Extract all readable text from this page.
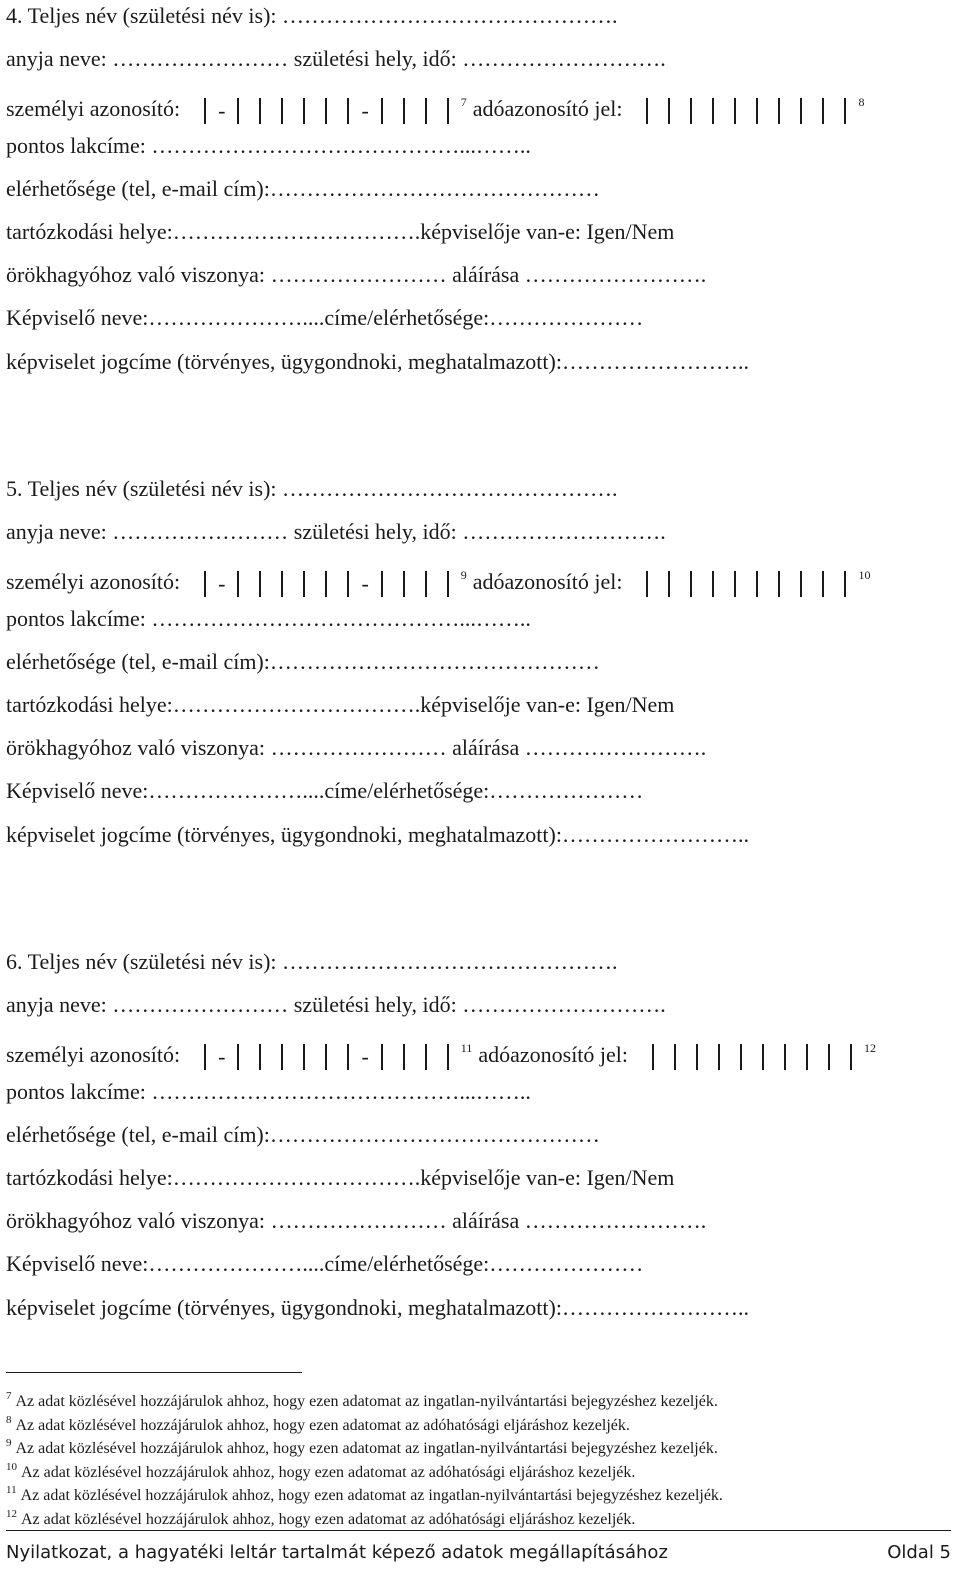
4. Teljes név (születési név is): ……………………………………….
anyja neve: …………………… születési hely, idő: ……………………….
személyi azonosító: -	-	$^7$ adóazonosító jel:	$^8$
pontos lakcíme: ……………………………………...……..
elérhetősége (tel, e-mail cím):………………………………………
tartózkodási helye:…………………………….képviselője van-e: Igen/Nem
örökhagyóhoz való viszonya: …………………… aláírása …………………….
Képviselő neve:…………………....címe/elérhetősége:…………………
képviselet jogcíme (törvényes, ügygondnoki, meghatalmazott):……………………..
5. Teljes név (születési név is): ……………………………………….
anyja neve: …………………… születési hely, idő: ……………………….
személyi azonosító: -	-	$^9$ adóazonosító jel:	$^{10}$
pontos lakcíme: ……………………………………...……..
elérhetősége (tel, e-mail cím):………………………………………
tartózkodási helye:…………………………….képviselője van-e: Igen/Nem
örökhagyóhoz való viszonya: …………………… aláírása …………………….
Képviselő neve:…………………....címe/elérhetősége:…………………
képviselet jogcíme (törvényes, ügygondnoki, meghatalmazott):……………………..
6. Teljes név (születési név is): ……………………………………….
anyja neve: …………………… születési hely, idő: ……………………….
személyi azonosító: -	-	$^{11}$ adóazonosító jel:	$^{12}$
pontos lakcíme: ……………………………………...……..
elérhetősége (tel, e-mail cím):………………………………………
tartózkodási helye:…………………………….képviselője van-e: Igen/Nem
örökhagyóhoz való viszonya: …………………… aláírása …………………….
Képviselő neve:…………………....címe/elérhetősége:…………………
képviselet jogcíme (törvényes, ügygondnoki, meghatalmazott):……………………..
$^7$ Az adat közlésével hozzájárulok ahhoz, hogy ezen adatomat az ingatlan-nyilvántartási bejegyzéshez kezeljék.
$^8$ Az adat közlésével hozzájárulok ahhoz, hogy ezen adatomat az adóhatósági eljáráshoz kezeljék.
$^9$ Az adat közlésével hozzájárulok ahhoz, hogy ezen adatomat az ingatlan-nyilvántartási bejegyzéshez kezeljék.
$^{10}$ Az adat közlésével hozzájárulok ahhoz, hogy ezen adatomat az adóhatósági eljáráshoz kezeljék.
$^{11}$ Az adat közlésével hozzájárulok ahhoz, hogy ezen adatomat az ingatlan-nyilvántartási bejegyzéshez kezeljék.
$^{12}$ Az adat közlésével hozzájárulok ahhoz, hogy ezen adatomat az adóhatósági eljáráshoz kezeljék.
Nyilatkozat, a hagyatéki leltár tartalmát képező adatok megállapításához	Oldal 5
